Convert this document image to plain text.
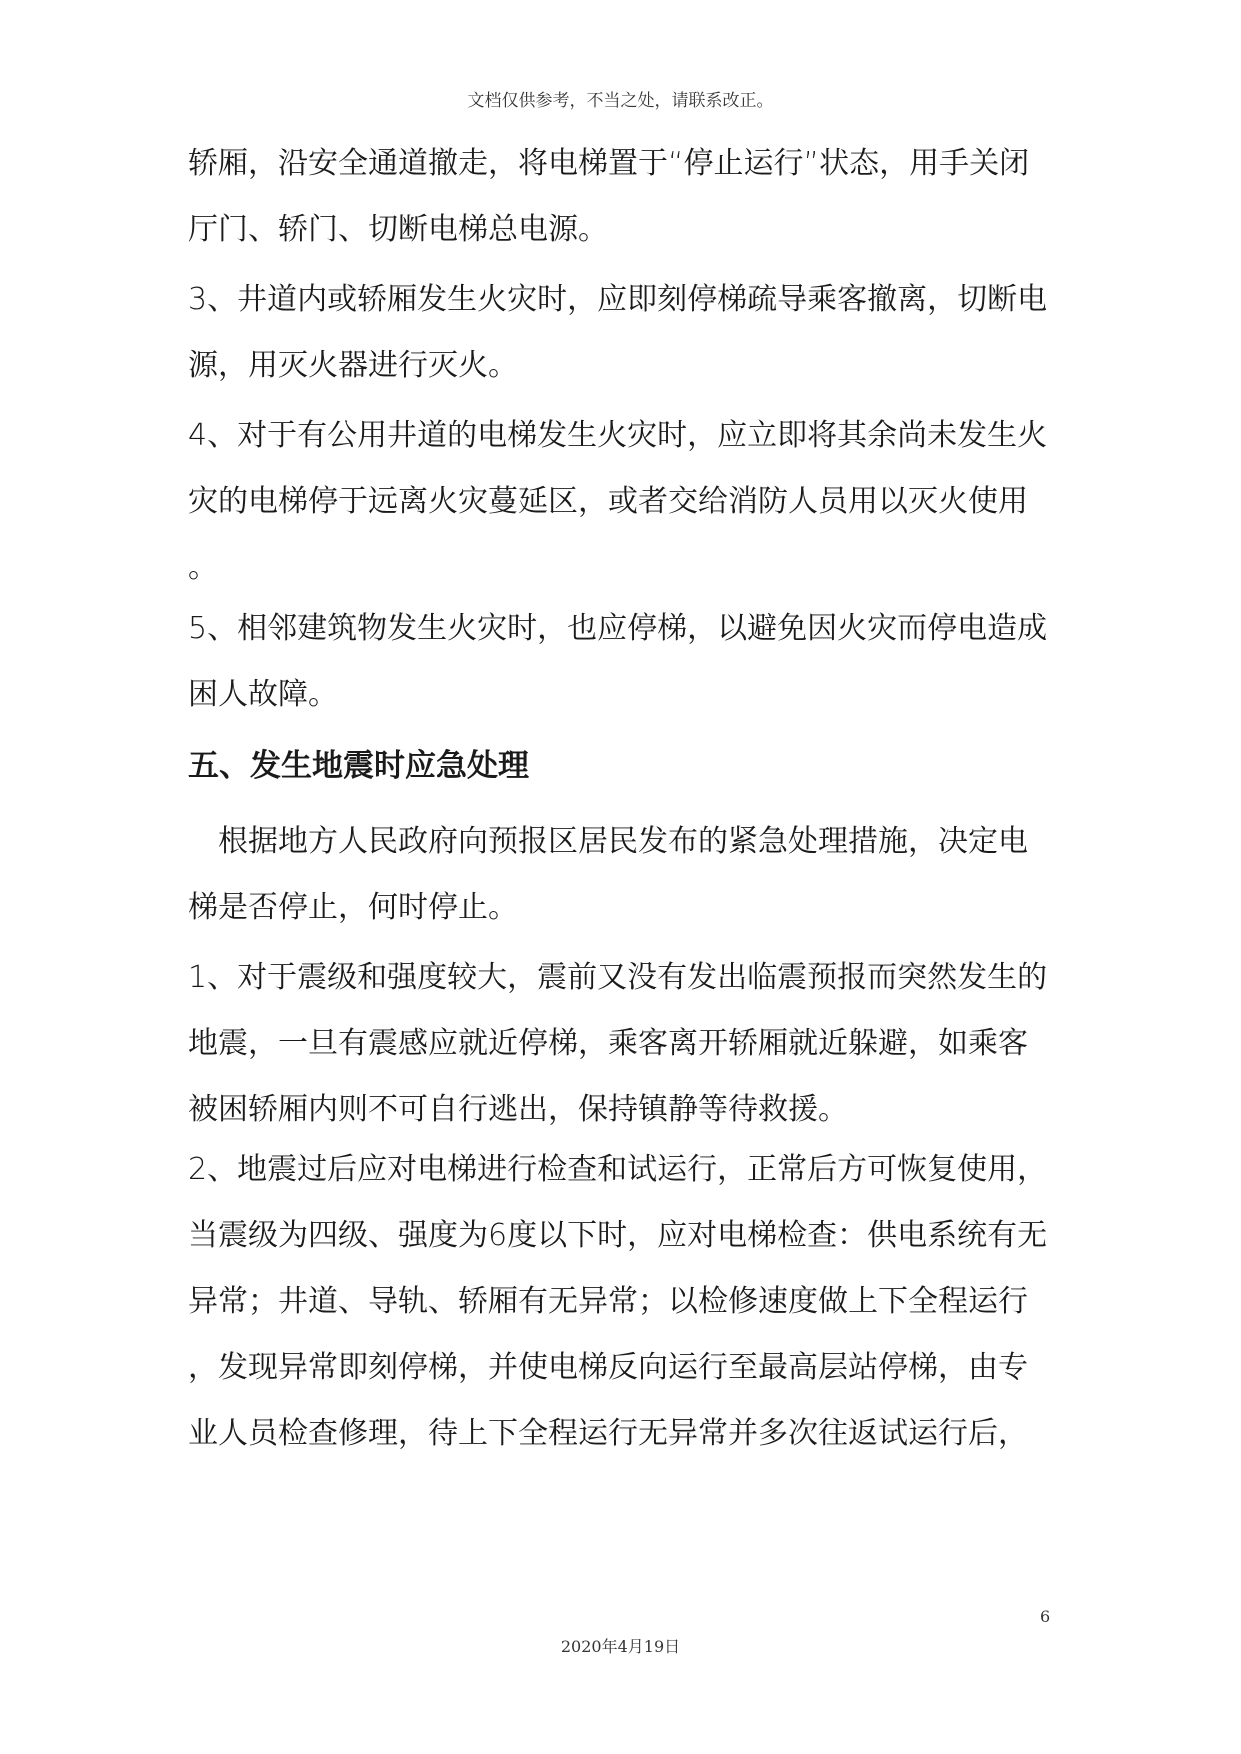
文档仅供参考，不当之处，请联系改正。
轿厢，沿安全通道撤走，将电梯置于“停止运行”状态，用手关闭
厅门、轿门、切断电梯总电源。
3、井道内或轿厢发生火灾时，应即刻停梯疏导乘客撤离，切断电
源，用灭火器进行灭火。
4、对于有公用井道的电梯发生火灾时，应立即将其余尚未发生火
灾的电梯停于远离火灾蔓延区，或者交给消防人员用以灭火使用
。
5、相邻建筑物发生火灾时，也应停梯，以避免因火灾而停电造成
困人故障。
五、发生地震时应急处理
　根据地方人民政府向预报区居民发布的紧急处理措施，决定电
梯是否停止，何时停止。
1、对于震级和强度较大，震前又没有发出临震预报而突然发生的
地震，一旦有震感应就近停梯，乘客离开轿厢就近躲避，如乘客
被困轿厢内则不可自行逃出，保持镇静等待救援。
2、地震过后应对电梯进行检查和试运行，正常后方可恢复使用，
当震级为四级、强度为6度以下时，应对电梯检查：供电系统有无
异常；井道、导轨、轿厢有无异常；以检修速度做上下全程运行
，发现异常即刻停梯，并使电梯反向运行至最高层站停梯，由专
业人员检查修理，待上下全程运行无异常并多次往返试运行后，
6
2020年4月19日
